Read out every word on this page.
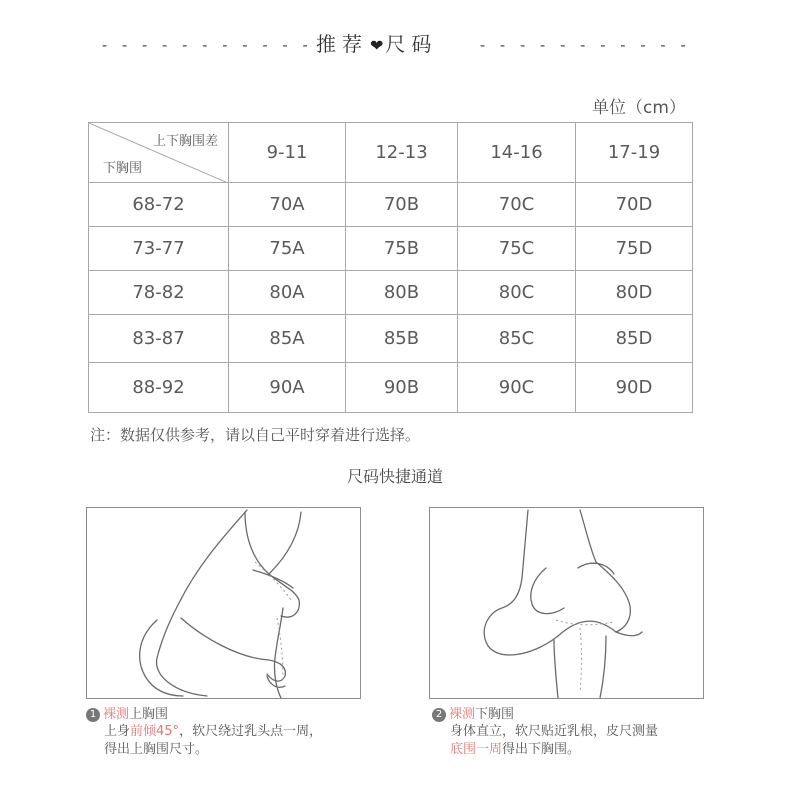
- - - - - - - - - - - 推荐 ❤ 尺码	- - - - - - - - - - -
单位（cm）
上下胸围差
下胸围	9-11	12-13	14-16	17-19
68-72	70A	70B	70C	70D
73-77	75A	75B	75C	75D
78-82	80A	80B	80C	80D
83-87	85A	85B	85C	85D
88-92	90A	90B	90C	90D
注：数据仅供参考，请以自己平时穿着进行选择。
尺码快捷通道
1 裸测上胸围
上身前倾45°，软尺绕过乳头点一周，
得出上胸围尺寸。
2 裸测下胸围
身体直立，软尺贴近乳根，皮尺测量
底围一周得出下胸围。
